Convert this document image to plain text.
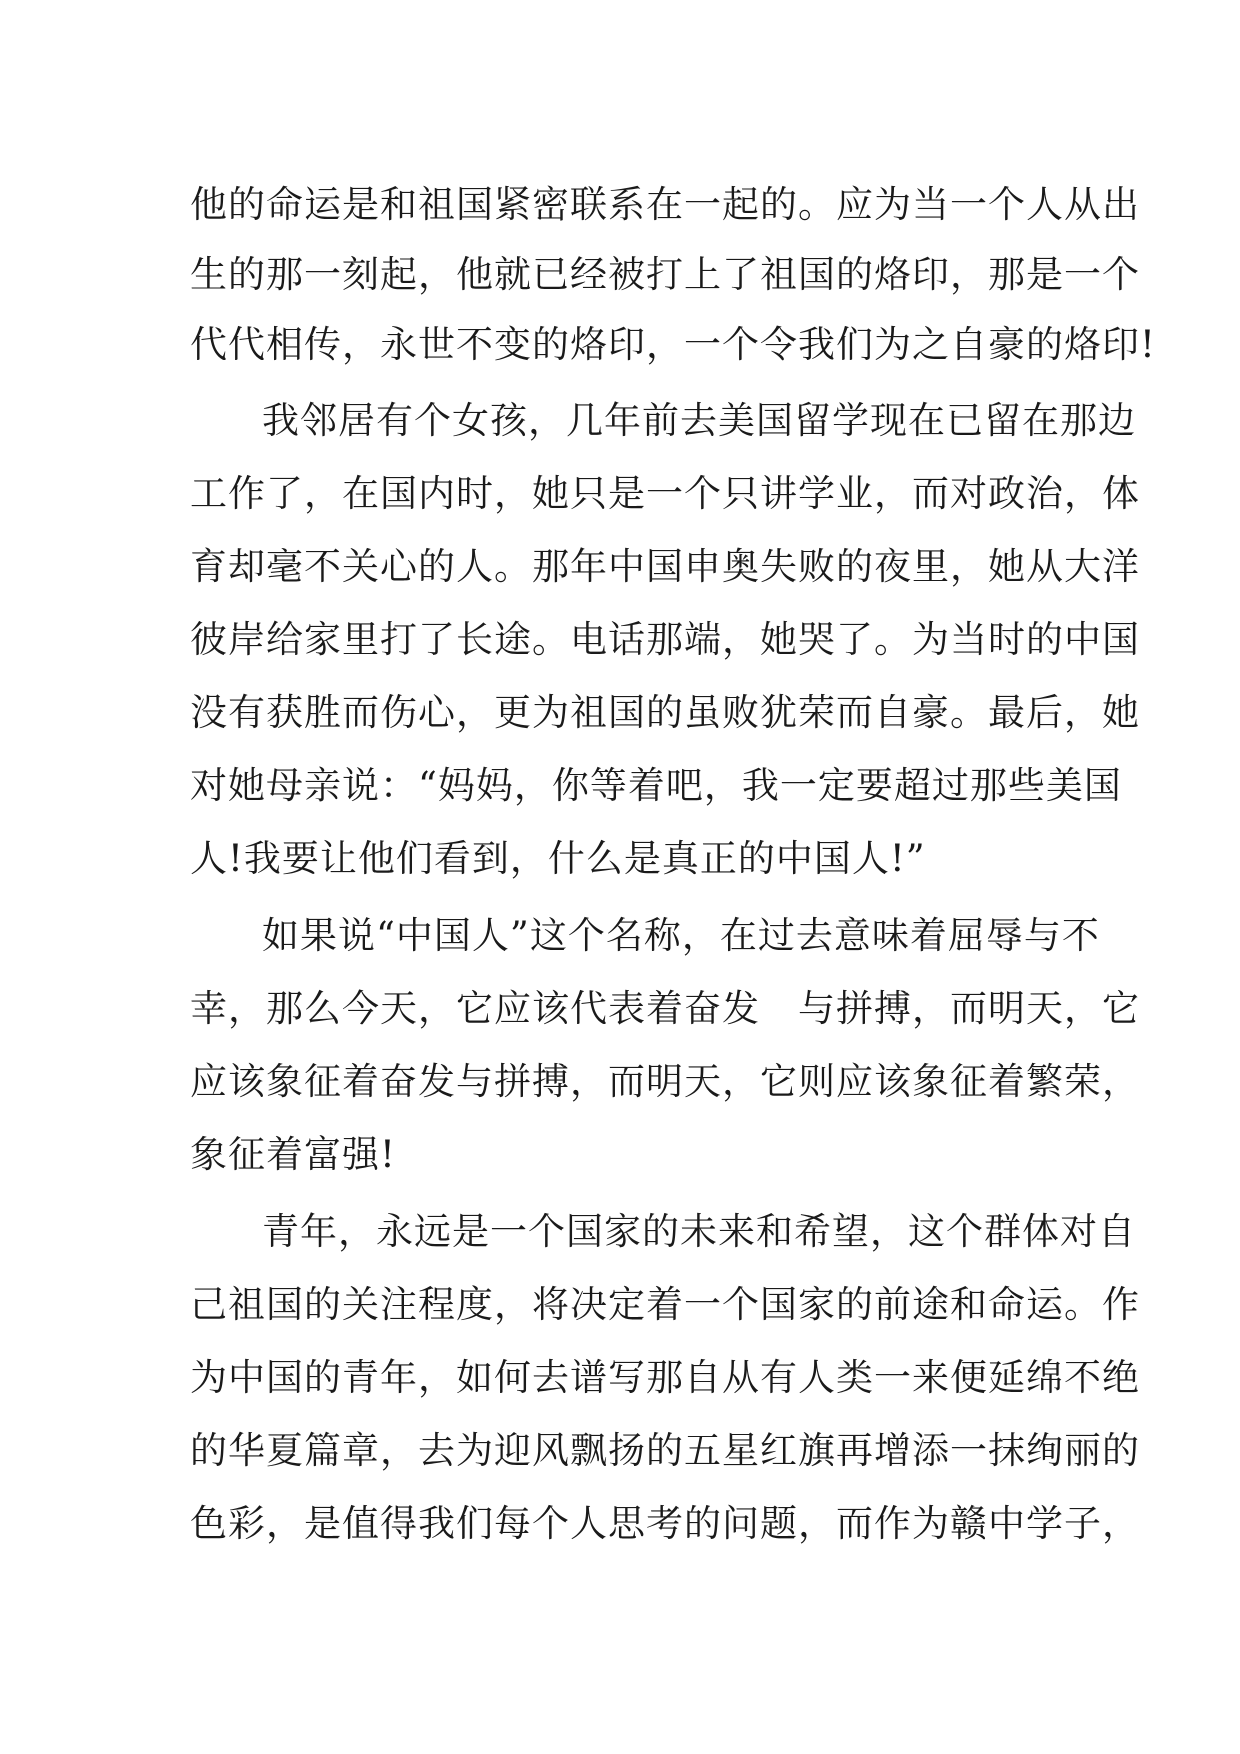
他的命运是和祖国紧密联系在一起的。应为当一个人从出
生的那一刻起，他就已经被打上了祖国的烙印，那是一个
代代相传，永世不变的烙印，一个令我们为之自豪的烙印!
我邻居有个女孩，几年前去美国留学现在已留在那边
工作了，在国内时，她只是一个只讲学业，而对政治，体
育却毫不关心的人。那年中国申奥失败的夜里，她从大洋
彼岸给家里打了长途。电话那端，她哭了。为当时的中国
没有获胜而伤心，更为祖国的虽败犹荣而自豪。最后，她
对她母亲说：“妈妈，你等着吧，我一定要超过那些美国
人!我要让他们看到，什么是真正的中国人!”
如果说“中国人”这个名称，在过去意味着屈辱与不
幸，那么今天，它应该代表着奋发　与拼搏，而明天，它
应该象征着奋发与拼搏，而明天，它则应该象征着繁荣，
象征着富强!
青年，永远是一个国家的未来和希望，这个群体对自
己祖国的关注程度，将决定着一个国家的前途和命运。作
为中国的青年，如何去谱写那自从有人类一来便延绵不绝
的华夏篇章，去为迎风飘扬的五星红旗再增添一抹绚丽的
色彩，是值得我们每个人思考的问题，而作为赣中学子，
